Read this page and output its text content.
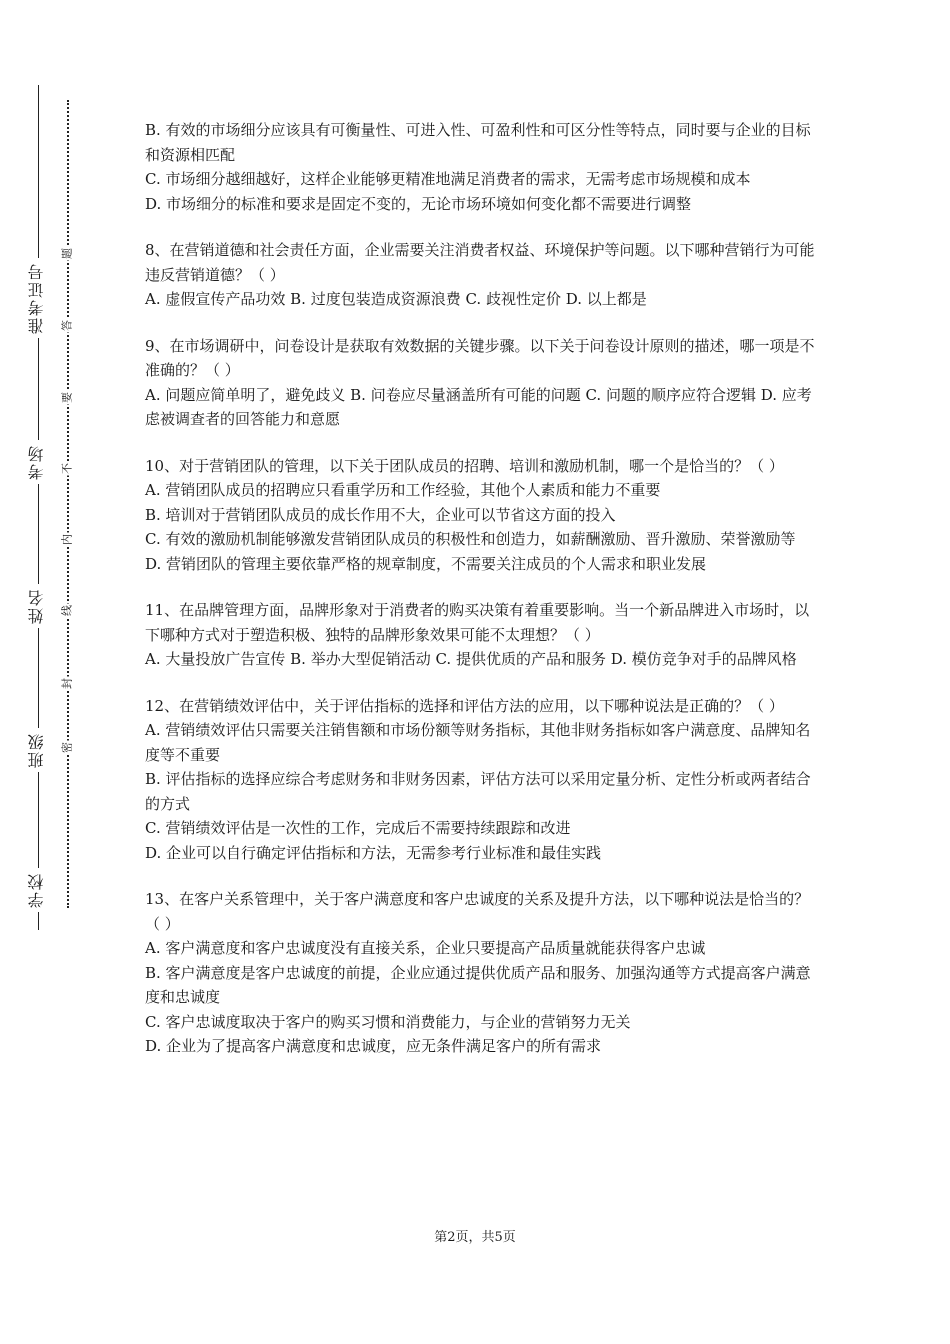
学校
班级
姓名
考场
准考证号
密
封
线
内
不
要
答
题
B. 有效的市场细分应该具有可衡量性、可进入性、可盈利性和可区分性等特点，同时要与企业的目标和资源相匹配
C. 市场细分越细越好，这样企业能够更精准地满足消费者的需求，无需考虑市场规模和成本
D. 市场细分的标准和要求是固定不变的，无论市场环境如何变化都不需要进行调整
8、在营销道德和社会责任方面，企业需要关注消费者权益、环境保护等问题。以下哪种营销行为可能违反营销道德？（ ）
A. 虚假宣传产品功效 B. 过度包装造成资源浪费 C. 歧视性定价 D. 以上都是
9、在市场调研中，问卷设计是获取有效数据的关键步骤。以下关于问卷设计原则的描述，哪一项是不准确的？（ ）
A. 问题应简单明了，避免歧义 B. 问卷应尽量涵盖所有可能的问题 C. 问题的顺序应符合逻辑 D. 应考虑被调查者的回答能力和意愿
10、对于营销团队的管理，以下关于团队成员的招聘、培训和激励机制，哪一个是恰当的？（ ）
A. 营销团队成员的招聘应只看重学历和工作经验，其他个人素质和能力不重要
B. 培训对于营销团队成员的成长作用不大，企业可以节省这方面的投入
C. 有效的激励机制能够激发营销团队成员的积极性和创造力，如薪酬激励、晋升激励、荣誉激励等
D. 营销团队的管理主要依靠严格的规章制度，不需要关注成员的个人需求和职业发展
11、在品牌管理方面，品牌形象对于消费者的购买决策有着重要影响。当一个新品牌进入市场时，以下哪种方式对于塑造积极、独特的品牌形象效果可能不太理想？（ ）
A. 大量投放广告宣传 B. 举办大型促销活动 C. 提供优质的产品和服务 D. 模仿竞争对手的品牌风格
12、在营销绩效评估中，关于评估指标的选择和评估方法的应用，以下哪种说法是正确的？（ ）
A. 营销绩效评估只需要关注销售额和市场份额等财务指标，其他非财务指标如客户满意度、品牌知名度等不重要
B. 评估指标的选择应综合考虑财务和非财务因素，评估方法可以采用定量分析、定性分析或两者结合的方式
C. 营销绩效评估是一次性的工作，完成后不需要持续跟踪和改进
D. 企业可以自行确定评估指标和方法，无需参考行业标准和最佳实践
13、在客户关系管理中，关于客户满意度和客户忠诚度的关系及提升方法，以下哪种说法是恰当的？（ ）
A. 客户满意度和客户忠诚度没有直接关系，企业只要提高产品质量就能获得客户忠诚
B. 客户满意度是客户忠诚度的前提，企业应通过提供优质产品和服务、加强沟通等方式提高客户满意度和忠诚度
C. 客户忠诚度取决于客户的购买习惯和消费能力，与企业的营销努力无关
D. 企业为了提高客户满意度和忠诚度，应无条件满足客户的所有需求
第2页，共5页
